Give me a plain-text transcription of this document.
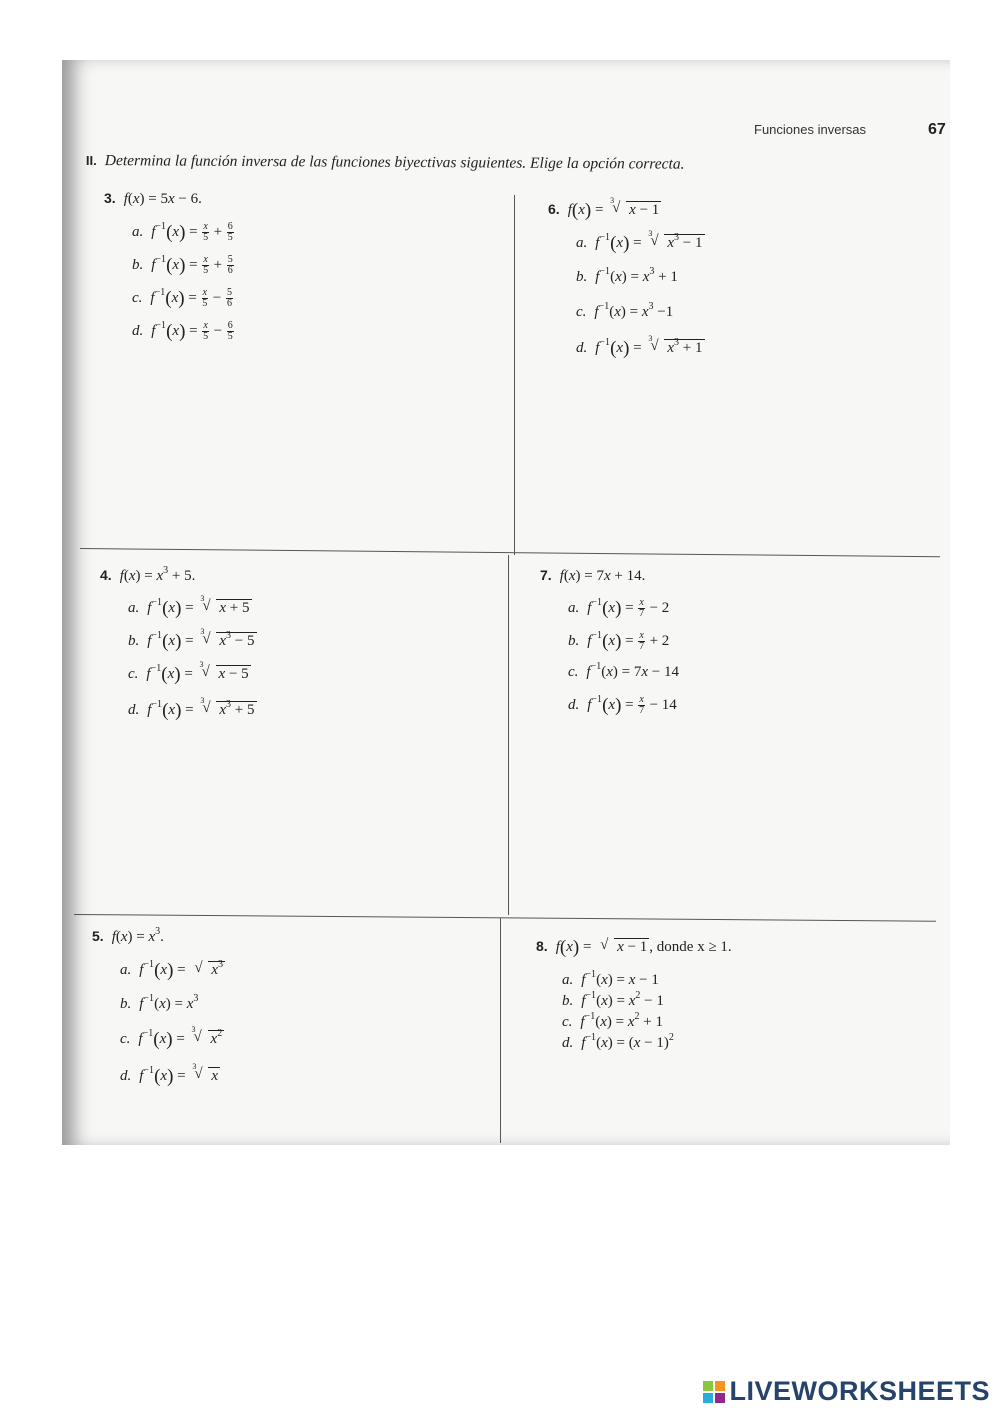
Funciones inversas	67
II. Determina la función inversa de las funciones biyectivas siguientes. Elige la opción correcta.
3. f(x) = 5x − 6.
a. $f^{-1}(x) = \frac{x}{5} + \frac{6}{5}$
b. $f^{-1}(x) = \frac{x}{5} + \frac{5}{6}$
c. $f^{-1}(x) = \frac{x}{5} - \frac{5}{6}$
d. $f^{-1}(x) = \frac{x}{5} - \frac{6}{5}$
6. f(x) =
3
√ x − 1
a. $f^{-1}(x)$ =
3
√ $x^3 - 1$
b. $f^{-1}(x) = x^3 + 1$
c. $f^{-1}(x) = x^3 -1$
d. $f^{-1}(x)$ =
3
√ $x^3 + 1$
4. $f(x) = x^3 + 5$.
a. $f^{-1}(x)$ =
3
√ x + 5
b. $f^{-1}(x)$ =
3
√ $x^3 - 5$
c. $f^{-1}(x)$ =
3
√ x − 5
d. $f^{-1}(x)$ =
3
√ $x^3 + 5$
7. f(x) = 7x + 14.
a. $f^{-1}(x) = \frac{x}{7} - 2$
b. $f^{-1}(x) = \frac{x}{7} + 2$
c. $f^{-1}(x) = 7x - 14$
d. $f^{-1}(x) = \frac{x}{7} - 14$
5. $f(x) = x^3$.
a. $f^{-1}(x)$ = √ $x^3$
b. $f^{-1}(x) = x^3$
c. $f^{-1}(x)$ =
3
√ $x^2$
d. $f^{-1}(x)$ =
3
√ x
8. f(x) = √ x − 1 , donde x ≥ 1.
a. $f^{-1}(x) = x - 1$
b. $f^{-1}(x) = x^2 - 1$
c. $f^{-1}(x) = x^2 + 1$
d. $f^{-1}(x) = (x - 1)^2$
LIVEWORKSHEETS
